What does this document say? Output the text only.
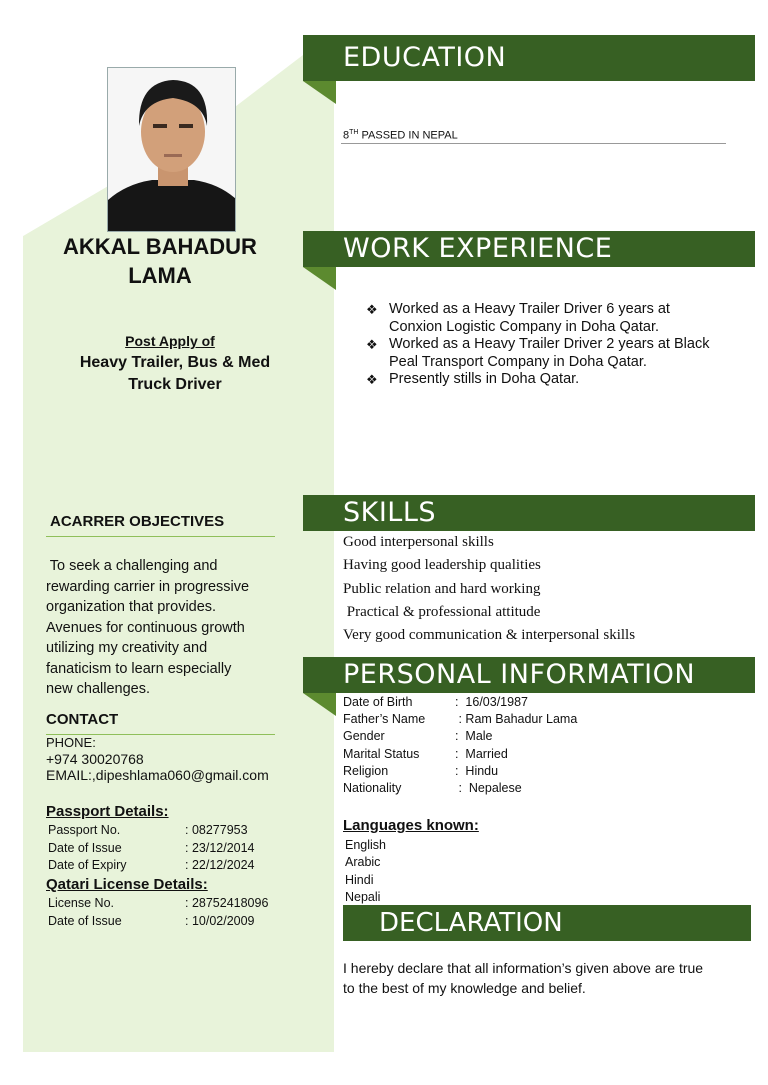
AKKAL BAHADUR
LAMA
Post Apply of
Heavy Trailer, Bus & Med
Truck Driver
ACARRER OBJECTIVES
To seek a challenging and
rewarding carrier in progressive
organization that provides.
Avenues for continuous growth
utilizing my creativity and
fanaticism to learn especially
new challenges.
CONTACT
PHONE:
+974 30020768
EMAIL:,dipeshlama060@gmail.com
Passport Details:
Passport No.	: 08277953
Date of Issue	: 23/12/2014
Date of Expiry	: 22/12/2024
Qatari License Details:
License No.	: 28752418096
Date of Issue	: 10/02/2009
EDUCATION
8TH PASSED IN NEPAL
WORK EXPERIENCE
❖ Worked as a Heavy Trailer Driver 6 years at
Conxion Logistic Company in Doha Qatar.
❖ Worked as a Heavy Trailer Driver 2 years at Black
Peal Transport Company in Doha Qatar.
❖ Presently stills in Doha Qatar.
SKILLS
Good interpersonal skills
Having good leadership qualities
Public relation and hard working
Practical & professional attitude
Very good communication & interpersonal skills
PERSONAL INFORMATION
Date of Birth	:  16/03/1987
Father’s Name	: Ram Bahadur Lama
Gender	:  Male
Marital Status	:  Married
Religion	:  Hindu
Nationality	:  Nepalese
Languages known:
English
Arabic
Hindi
Nepali
DECLARATION
I hereby declare that all information’s given above are true
to the best of my knowledge and belief.
